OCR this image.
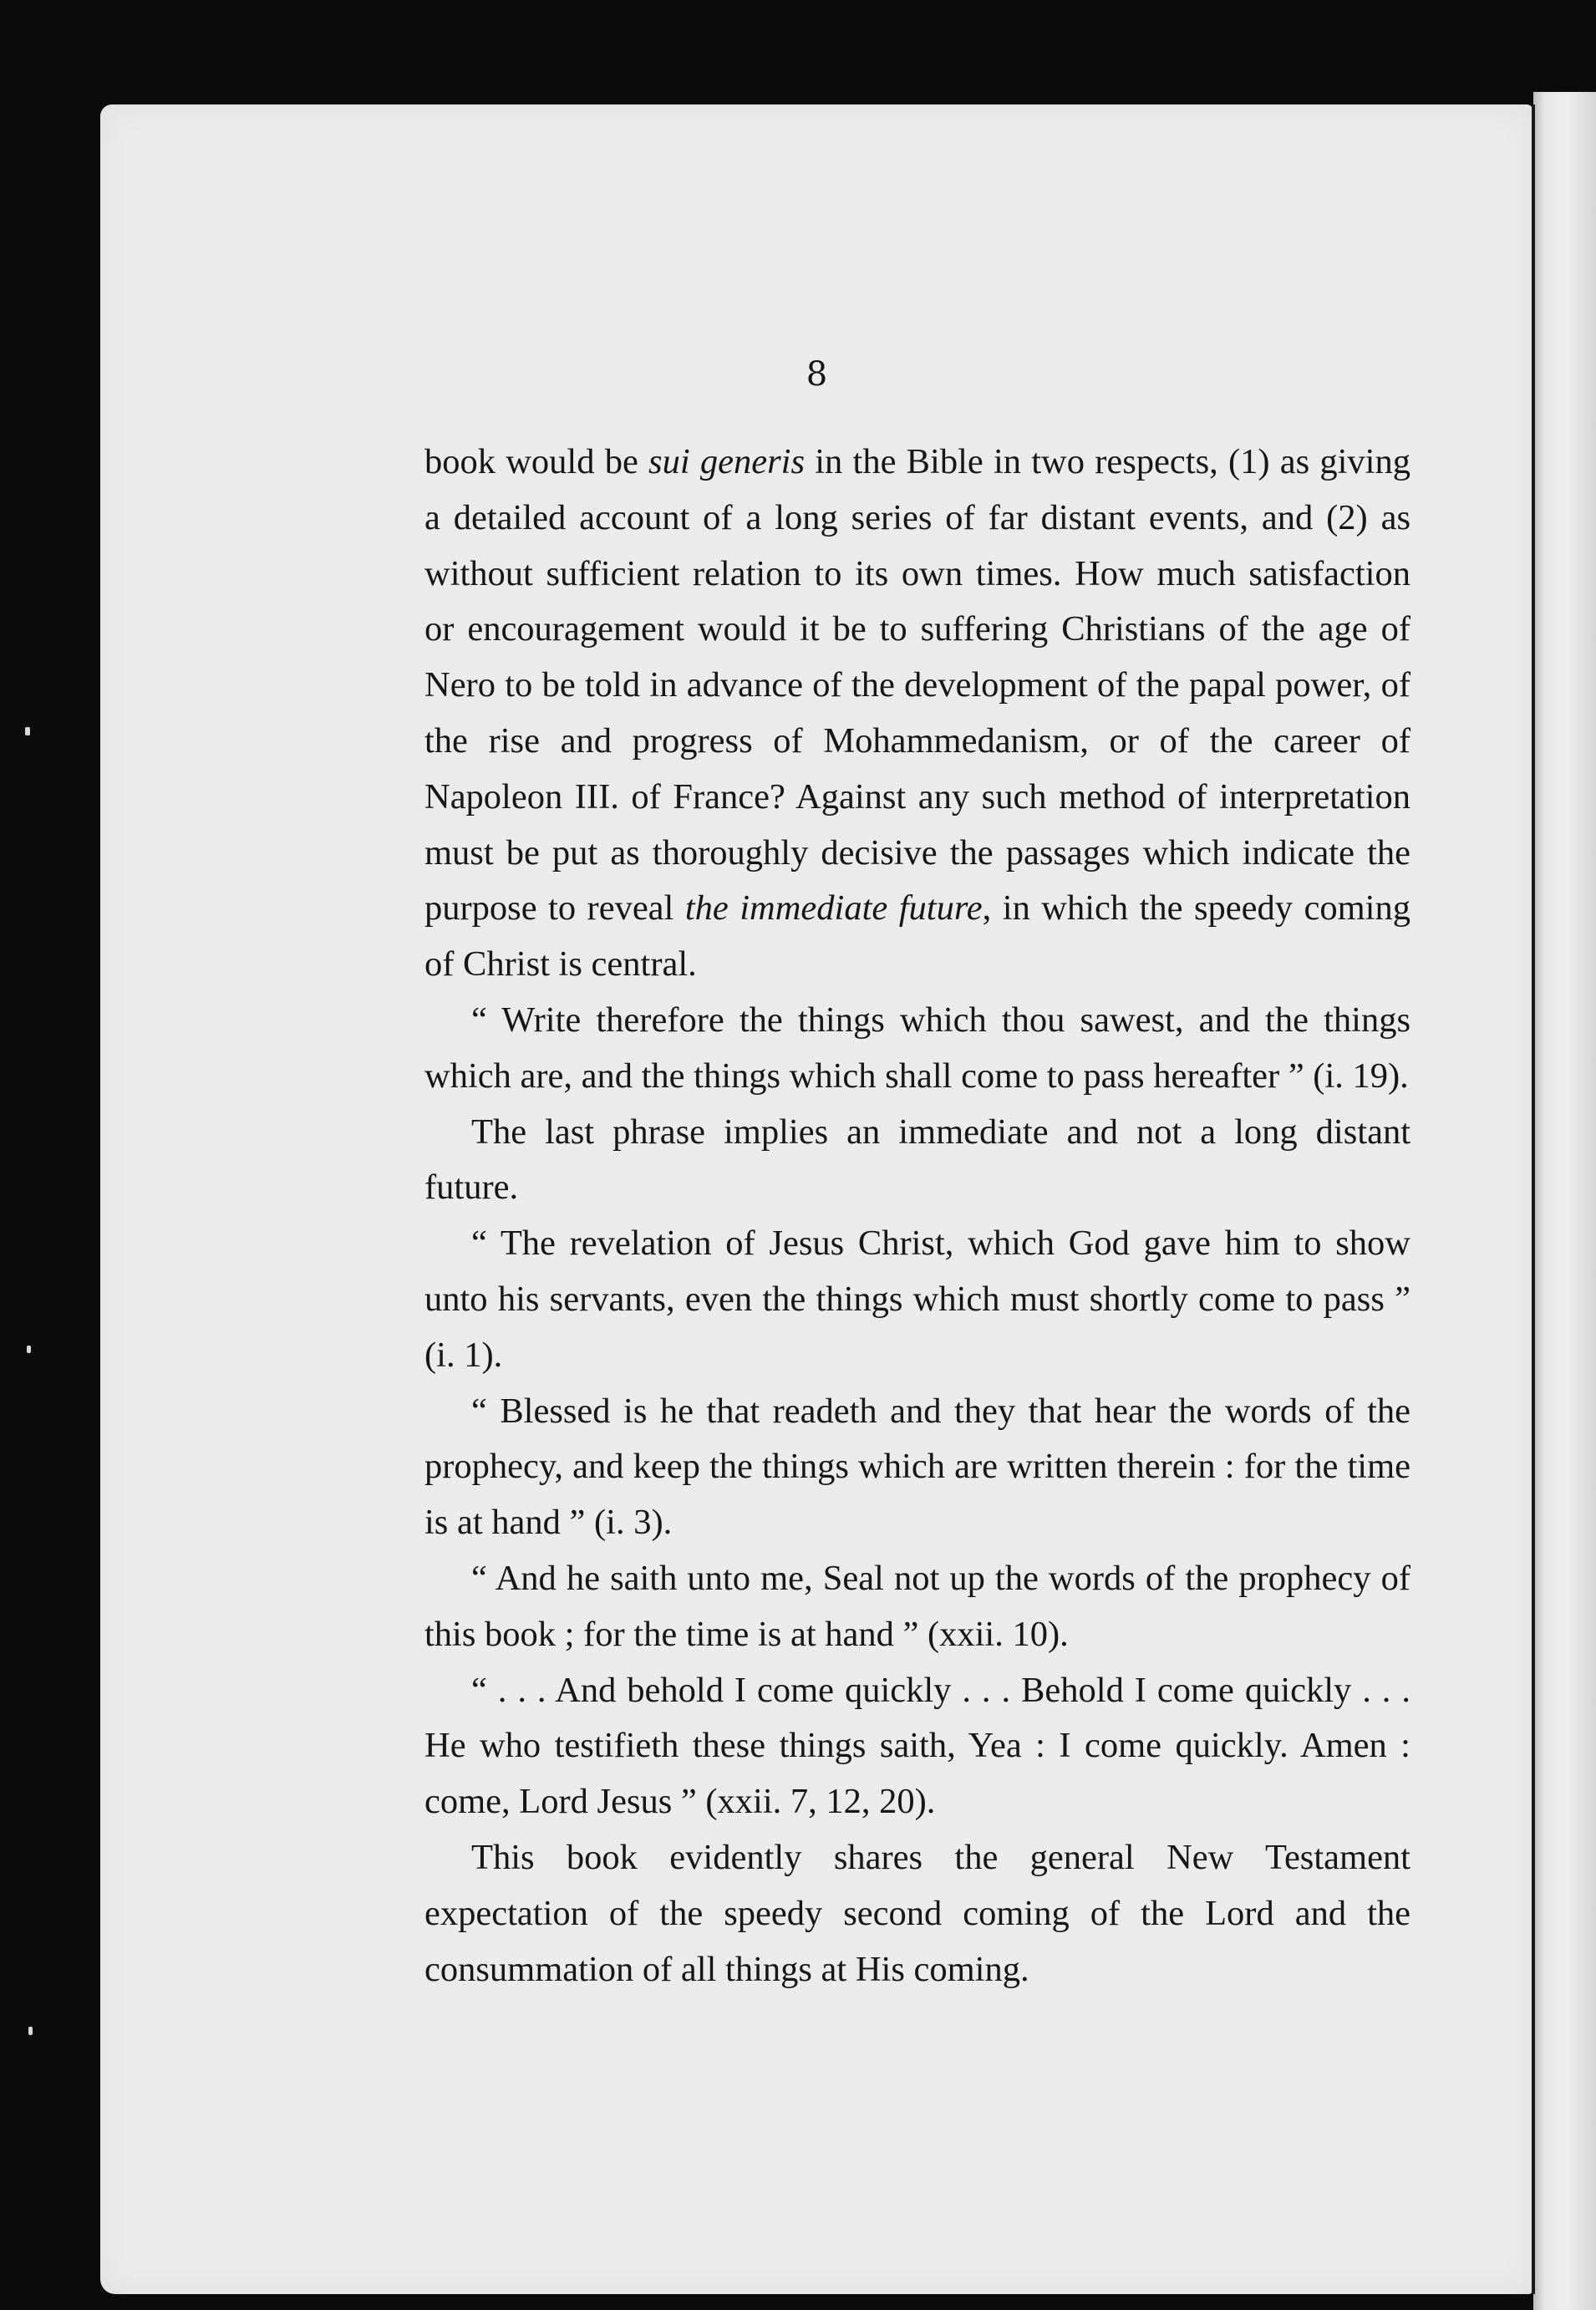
8

book would be sui generis in the Bible in two respects, (1) as giving a detailed account of a long series of far distant events, and (2) as without sufficient relation to its own times. How much satisfaction or encouragement would it be to suffering Christians of the age of Nero to be told in advance of the development of the papal power, of the rise and progress of Mohammedanism, or of the career of Napoleon III. of France? Against any such method of interpretation must be put as thoroughly decisive the passages which indicate the purpose to reveal the immediate future, in which the speedy coming of Christ is central.

“ Write therefore the things which thou sawest, and the things which are, and the things which shall come to pass hereafter ” (i. 19).

The last phrase implies an immediate and not a long distant future.

“ The revelation of Jesus Christ, which God gave him to show unto his servants, even the things which must shortly come to pass ” (i. 1).

“ Blessed is he that readeth and they that hear the words of the prophecy, and keep the things which are written therein : for the time is at hand ” (i. 3).

“ And he saith unto me, Seal not up the words of the prophecy of this book ; for the time is at hand ” (xxii. 10).

“ . . . And behold I come quickly . . . Behold I come quickly . . . He who testifieth these things saith, Yea : I come quickly. Amen : come, Lord Jesus ” (xxii. 7, 12, 20).

This book evidently shares the general New Testament expectation of the speedy second coming of the Lord and the consummation of all things at His coming.
